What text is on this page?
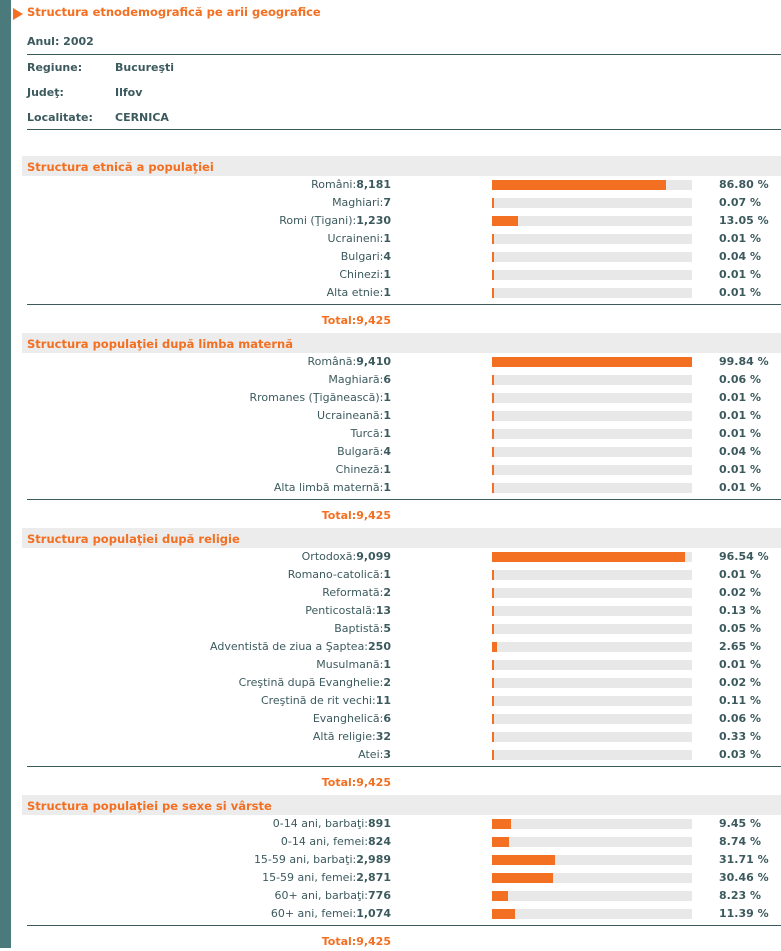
Structura etnodemografică pe arii geografice
Anul: 2002
Regiune:	Bucureşti
Judeţ:	Ilfov
Localitate: CERNICA
Structura etnică a populaţiei
Români:8,181	86.80 %
Maghiari:7	0.07 %
Romi (Ţigani):1,230	13.05 %
Ucraineni:1	0.01 %
Bulgari:4	0.04 %
Chinezi:1	0.01 %
Alta etnie:1	0.01 %
Total:9,425
Structura populaţiei după limba maternă
Română:9,410	99.84 %
Maghiară:6	0.06 %
Rromanes (Ţigănească):1	0.01 %
Ucraineană:1	0.01 %
Turcă:1	0.01 %
Bulgară:4	0.04 %
Chineză:1	0.01 %
Alta limbă maternă:1	0.01 %
Total:9,425
Structura populaţiei după religie
Ortodoxă:9,099	96.54 %
Romano-catolică:1	0.01 %
Reformată:2	0.02 %
Penticostală:13	0.13 %
Baptistă:5	0.05 %
Adventistă de ziua a Şaptea:250	2.65 %
Musulmană:1	0.01 %
Creştină după Evanghelie:2	0.02 %
Creştină de rit vechi:11	0.11 %
Evanghelică:6	0.06 %
Altă religie:32	0.33 %
Atei:3	0.03 %
Total:9,425
Structura populaţiei pe sexe si vârste
0-14 ani, barbaţi:891	9.45 %
0-14 ani, femei:824	8.74 %
15-59 ani, barbaţi:2,989	31.71 %
15-59 ani, femei:2,871	30.46 %
60+ ani, barbaţi:776	8.23 %
60+ ani, femei:1,074	11.39 %
Total:9,425
